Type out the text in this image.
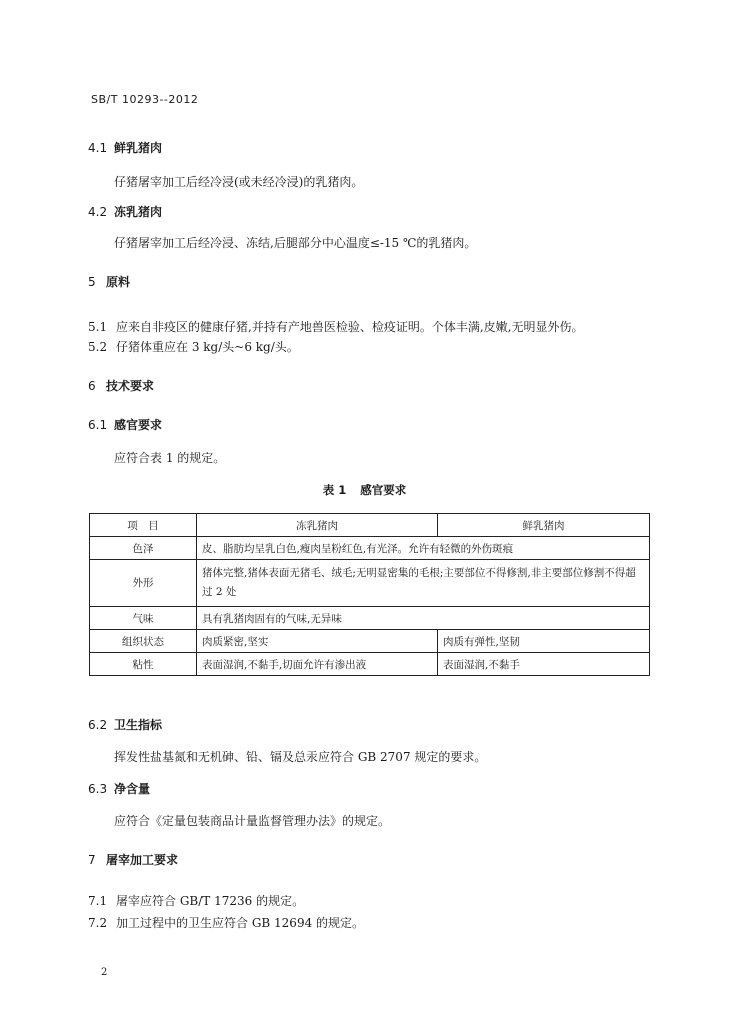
SB/T 10293--2012
4.1 鲜乳猪肉
仔猪屠宰加工后经冷浸(或未经冷浸)的乳猪肉。
4.2 冻乳猪肉
仔猪屠宰加工后经冷浸、冻结,后腿部分中心温度≤-15 ℃的乳猪肉。
5 原料
5.1 应来自非疫区的健康仔猪,并持有产地兽医检验、检疫证明。个体丰满,皮嫩,无明显外伤。
5.2 仔猪体重应在 3 kg/头~6 kg/头。
6 技术要求
6.1 感官要求
应符合表 1 的规定。
表 1 感官要求
项　目	冻乳猪肉	鲜乳猪肉
色泽	皮、脂肪均呈乳白色,瘦肉呈粉红色,有光泽。允许有轻微的外伤斑痕	
外形	猪体完整,猪体表面无猪毛、绒毛;无明显密集的毛根;主要部位不得修割,非主要部位修割不得超过 2 处	
气味	具有乳猪肉固有的气味,无异味	
组织状态	肉质紧密,坚实	肉质有弹性,坚韧
粘性	表面湿润,不黏手,切面允许有渗出液	表面湿润,不黏手
6.2 卫生指标
挥发性盐基氮和无机砷、铅、镉及总汞应符合 GB 2707 规定的要求。
6.3 净含量
应符合《定量包装商品计量监督管理办法》的规定。
7 屠宰加工要求
7.1 屠宰应符合 GB/T 17236 的规定。
7.2 加工过程中的卫生应符合 GB 12694 的规定。
2
